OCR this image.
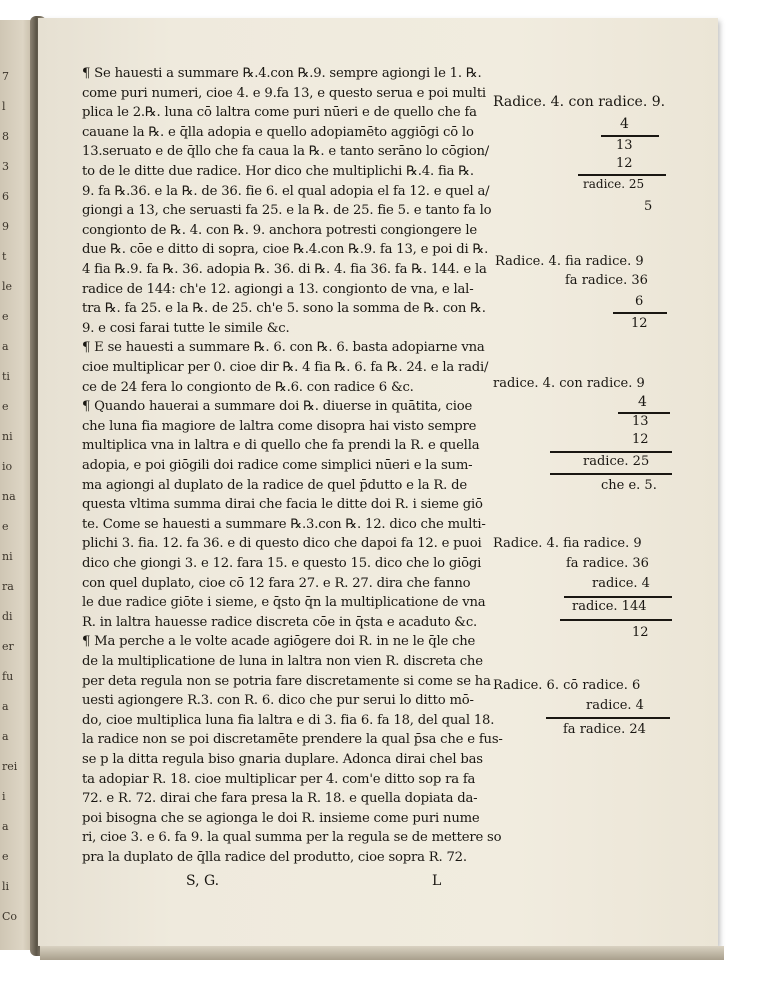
7
l
8
3
6
9
t
le
e
a
ti
e
ni
io
na
e
ni
ra
di
er
fu
a
a
rei
i
a
e
li
Co
¶ Se hauesti a summare ℞.4.con ℞.9. sempre agiongi le 1. ℞.
come puri numeri, cioe 4. e 9.fa 13, e questo serua e poi multi
plica le 2.℞. luna cō laltra come puri nūeri e de quello che fa
cauane la ℞. e q̄lla adopia e quello adopiamēto aggiōgi cō lo
13.seruato e de q̄llo che fa caua la ℞. e tanto serāno lo cōgion/
to de le ditte due radice. Hor dico che multiplichi ℞.4. fia ℞.
9. fa ℞.36. e la ℞. de 36. fie 6. el qual adopia el fa 12. e quel a/
giongi a 13, che seruasti fa 25. e la ℞. de 25. fie 5. e tanto fa lo
congionto de ℞. 4. con ℞. 9. anchora potresti congiongere le
due ℞. cōe e ditto di sopra, cioe ℞.4.con ℞.9. fa 13, e poi di ℞.
4 fia ℞.9. fa ℞. 36. adopia ℞. 36. di ℞. 4. fia 36. fa ℞. 144. e la
radice de 144: ch'e 12. agiongi a 13. congionto de vna, e lal-
tra ℞. fa 25. e la ℞. de 25. ch'e 5. sono la somma de ℞. con ℞.
9. e cosi farai tutte le simile &c.
¶ E se hauesti a summare ℞. 6. con ℞. 6. basta adopiarne vna
cioe multiplicar per 0. cioe dir ℞. 4 fia ℞. 6. fa ℞. 24. e la radi/
ce de 24 fera lo congionto de ℞.6. con radice 6 &c.
¶ Quando hauerai a summare doi ℞. diuerse in quātita, cioe
che luna fia magiore de laltra come disopra hai visto sempre
multiplica vna in laltra e di quello che fa prendi la R. e quella
adopia, e poi giōgili doi radice come simplici nūeri e la sum-
ma agiongi al duplato de la radice de quel p̄dutto e la R. de
questa vltima summa dirai che facia le ditte doi R. i sieme giō
te. Come se hauesti a summare ℞.3.con ℞. 12. dico che multi-
plichi 3. fia. 12. fa 36. e di questo dico che dapoi fa 12. e puoi
dico che giongi 3. e 12. fara 15. e questo 15. dico che lo giōgi
con quel duplato, cioe cō 12 fara 27. e R. 27. dira che fanno
le due radice giōte i sieme, e q̄sto q̄n la multiplicatione de vna
R. in laltra hauesse radice discreta cōe in q̄sta e acaduto &c.
¶ Ma perche a le volte acade agiōgere doi R. in ne le q̄le che
de la multiplicatione de luna in laltra non vien R. discreta che
per deta regula non se potria fare discretamente si come se ha
uesti agiongere R.3. con R. 6. dico che pur serui lo ditto mō-
do, cioe multiplica luna fia laltra e di 3. fia 6. fa 18, del qual 18.
la radice non se poi discretamēte prendere la qual p̄sa che e fus-
se p la ditta regula biso gnaria duplare. Adonca dirai chel bas
ta adopiar R. 18. cioe multiplicar per 4. com'e ditto sop ra fa
72. e R. 72. dirai che fara presa la R. 18. e quella dopiata da-
poi bisogna che se agionga le doi R. insieme come puri nume
ri, cioe 3. e 6. fa 9. la qual summa per la regula se de mettere so
pra la duplato de q̄lla radice del produtto, cioe sopra R. 72.
Radice. 4. con radice. 9.
4
13
12
radice. 25
5
Radice. 4. fia radice. 9
fa radice. 36
6
12
radice. 4. con radice. 9
4
13
12
radice. 25
che e. 5.
Radice. 4. fia radice. 9
fa radice. 36
radice. 4
radice. 144
12
Radice. 6. cō radice. 6
radice. 4
fa radice. 24
S, G.	L
